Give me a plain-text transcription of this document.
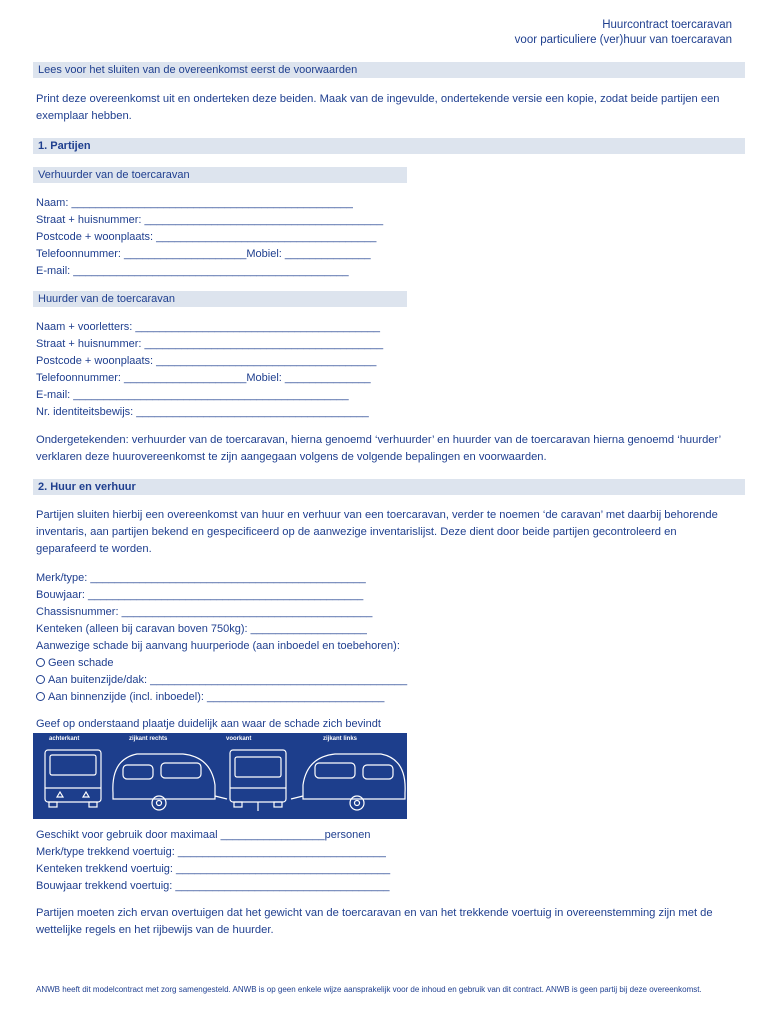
Huurcontract toercaravan
voor particuliere (ver)huur van toercaravan
Lees voor het sluiten van de overeenkomst eerst de voorwaarden
Print deze overeenkomst uit en onderteken deze beiden. Maak van de ingevulde, ondertekende versie een kopie, zodat beide partijen een exemplaar hebben.
1. Partijen
Verhuurder van de toercaravan
Naam: ______________________________________________
Straat + huisnummer: _______________________________________
Postcode + woonplaats: ____________________________________
Telefoonnummer: ____________________Mobiel: ______________
E-mail: _____________________________________________
Huurder van de toercaravan
Naam + voorletters: ________________________________________
Straat + huisnummer: _______________________________________
Postcode + woonplaats: ____________________________________
Telefoonnummer: ____________________Mobiel: ______________
E-mail: _____________________________________________
Nr. identiteitsbewijs: ______________________________________
Ondergetekenden: verhuurder van de toercaravan, hierna genoemd ‘verhuurder’ en huurder van de toercaravan hierna genoemd ‘huurder’ verklaren deze huurovereenkomst te zijn aangegaan volgens de volgende bepalingen en voorwaarden.
2. Huur en verhuur
Partijen sluiten hierbij een overeenkomst van huur en verhuur van een toercaravan, verder te noemen ‘de caravan’ met daarbij behorende inventaris, aan partijen bekend en gespecificeerd op de aanwezige inventarislijst. Deze dient door beide partijen gecontroleerd en geparafeerd te worden.
Merk/type: _____________________________________________
Bouwjaar: _____________________________________________
Chassisnummer: _________________________________________
Kenteken (alleen bij caravan boven 750kg): ___________________
Aanwezige schade bij aanvang huurperiode (aan inboedel en toebehoren):
Geen schade
Aan buitenzijde/dak: __________________________________________
Aan binnenzijde (incl. inboedel): _____________________________
Geef op onderstaand plaatje duidelijk aan waar de schade zich bevindt
achterkant	zijkant rechts	voorkant	zijkant links
Geschikt voor gebruik door maximaal _________________personen
Merk/type trekkend voertuig: __________________________________
Kenteken trekkend voertuig: ___________________________________
Bouwjaar trekkend voertuig: ___________________________________
Partijen moeten zich ervan overtuigen dat het gewicht van de toercaravan en van het trekkende voertuig in overeenstemming zijn met de wettelijke regels en het rijbewijs van de huurder.
ANWB heeft dit modelcontract met zorg samengesteld. ANWB is op geen enkele wijze aansprakelijk voor de inhoud en gebruik van dit contract. ANWB is geen partij bij deze overeenkomst.
